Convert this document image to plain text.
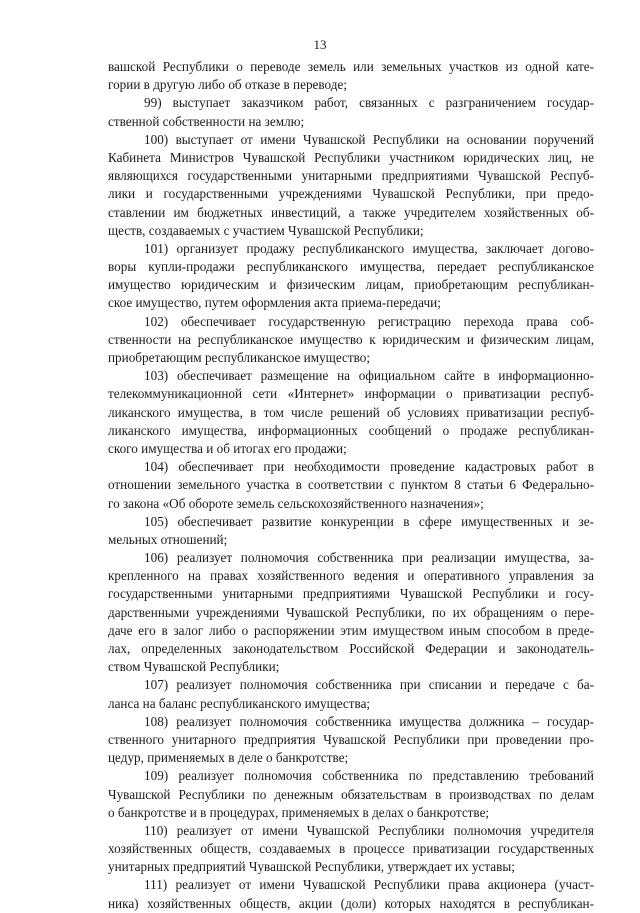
13
вашской Республики о переводе земель или земельных участков из одной кате-
гории в другую либо об отказе в переводе;
99) выступает заказчиком работ, связанных с разграничением государ-
ственной собственности на землю;
100) выступает от имени Чувашской Республики на основании поручений
Кабинета Министров Чувашской Республики участником юридических лиц, не
являющихся государственными унитарными предприятиями Чувашской Респуб-
лики и государственными учреждениями Чувашской Республики, при предо-
ставлении им бюджетных инвестиций, а также учредителем хозяйственных об-
ществ, создаваемых с участием Чувашской Республики;
101) организует продажу республиканского имущества, заключает догово-
воры купли-продажи республиканского имущества, передает республиканское
имущество юридическим и физическим лицам, приобретающим республикан-
ское имущество, путем оформления акта приема-передачи;
102) обеспечивает государственную регистрацию перехода права соб-
ственности на республиканское имущество к юридическим и физическим лицам,
приобретающим республиканское имущество;
103) обеспечивает размещение на официальном сайте в информационно-
телекоммуникационной сети «Интернет» информации о приватизации респуб-
ликанского имущества, в том числе решений об условиях приватизации респуб-
ликанского имущества, информационных сообщений о продаже республикан-
ского имущества и об итогах его продажи;
104) обеспечивает при необходимости проведение кадастровых работ в
отношении земельного участка в соответствии с пунктом 8 статьи 6 Федерально-
го закона «Об обороте земель сельскохозяйственного назначения»;
105) обеспечивает развитие конкуренции в сфере имущественных и зе-
мельных отношений;
106) реализует полномочия собственника при реализации имущества, за-
крепленного на правах хозяйственного ведения и оперативного управления за
государственными унитарными предприятиями Чувашской Республики и госу-
дарственными учреждениями Чувашской Республики, по их обращениям о пере-
даче его в залог либо о распоряжении этим имуществом иным способом в преде-
лах, определенных законодательством Российской Федерации и законодатель-
ством Чувашской Республики;
107) реализует полномочия собственника при списании и передаче с ба-
ланса на баланс республиканского имущества;
108) реализует полномочия собственника имущества должника – государ-
ственного унитарного предприятия Чувашской Республики при проведении про-
цедур, применяемых в деле о банкротстве;
109) реализует полномочия собственника по представлению требований
Чувашской Республики по денежным обязательствам в производствах по делам
о банкротстве и в процедурах, применяемых в делах о банкротстве;
110) реализует от имени Чувашской Республики полномочия учредителя
хозяйственных обществ, создаваемых в процессе приватизации государственных
унитарных предприятий Чувашской Республики, утверждает их уставы;
111) реализует от имени Чувашской Республики права акционера (участ-
ника) хозяйственных обществ, акции (доли) которых находятся в республикан-
